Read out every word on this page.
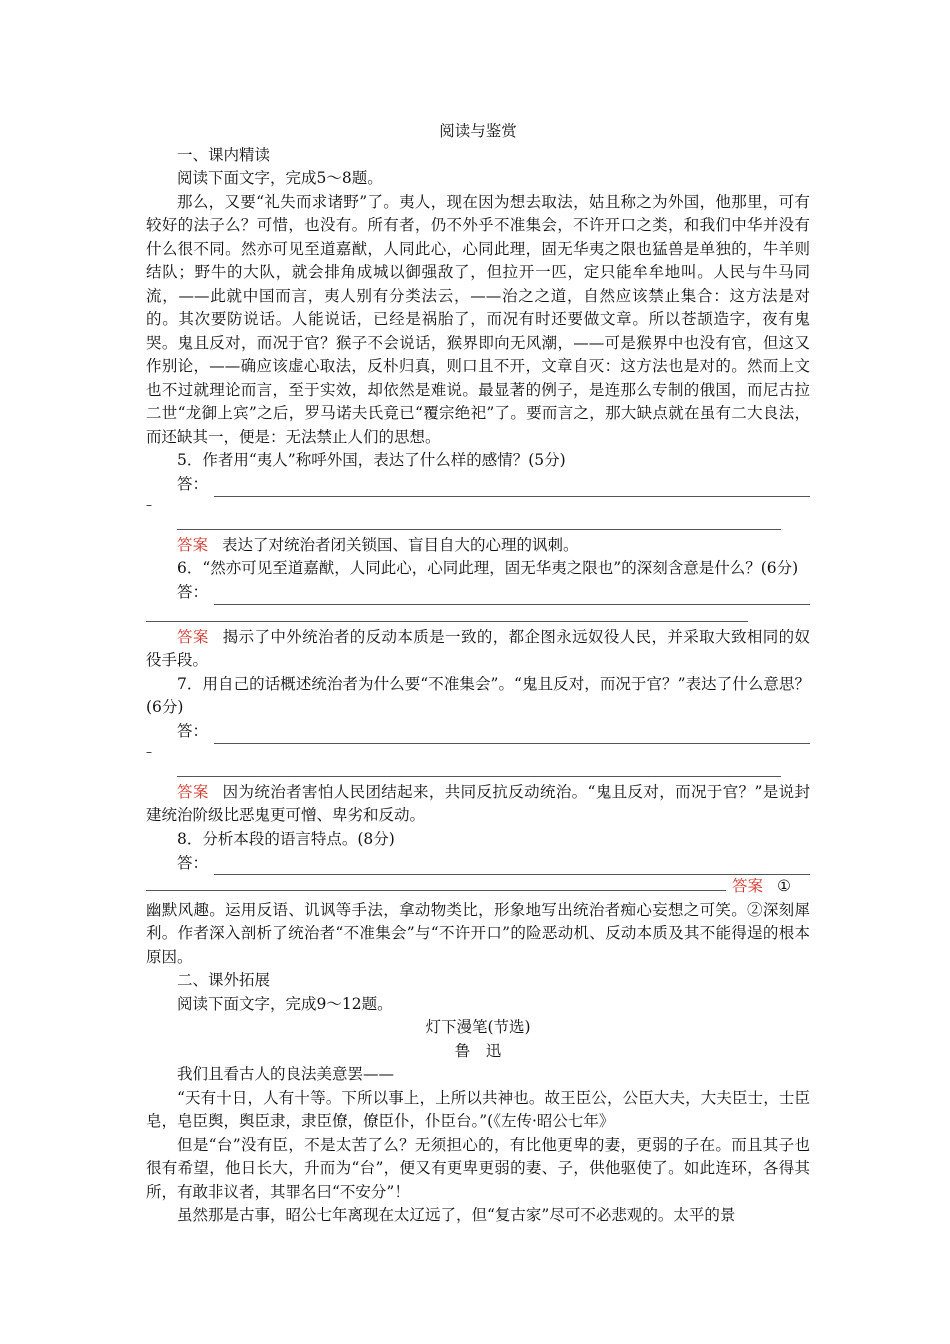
阅读与鉴赏

一、课内精读

阅读下面文字，完成5～8题。

那么，又要“礼失而求诸野”了。夷人，现在因为想去取法，姑且称之为外国，他那里，可有较好的法子么？可惜，也没有。所有者，仍不外乎不准集会，不许开口之类，和我们中华并没有什么很不同。然亦可见至道嘉猷，人同此心，心同此理，固无华夷之限也猛兽是单独的，牛羊则结队；野牛的大队，就会排角成城以御强敌了，但拉开一匹，定只能牟牟地叫。人民与牛马同流，——此就中国而言，夷人别有分类法云，——治之之道，自然应该禁止集合：这方法是对的。其次要防说话。人能说话，已经是祸胎了，而况有时还要做文章。所以苍颉造字，夜有鬼哭。鬼且反对，而况于官？猴子不会说话，猴界即向无风潮，——可是猴界中也没有官，但这又作别论，——确应该虚心取法，反朴归真，则口且不开，文章自灭：这方法也是对的。然而上文也不过就理论而言，至于实效，却依然是难说。最显著的例子，是连那么专制的俄国，而尼古拉二世“龙御上宾”之后，罗马诺夫氏竟已“覆宗绝祀”了。要而言之，那大缺点就在虽有二大良法，而还缺其一，便是：无法禁止人们的思想。

5．作者用“夷人”称呼外国，表达了什么样的感情？(5分)

答：
–

答案 表达了对统治者闭关锁国、盲目自大的心理的讽刺。

6．“然亦可见至道嘉猷，人同此心，心同此理，固无华夷之限也”的深刻含意是什么？(6分)

答：

答案 揭示了中外统治者的反动本质是一致的，都企图永远奴役人民，并采取大致相同的奴役手段。

7．用自己的话概述统治者为什么要“不准集会”。“鬼且反对，而况于官？”表达了什么意思？(6分)

答：
–

答案 因为统治者害怕人民团结起来，共同反抗反动统治。“鬼且反对，而况于官？”是说封建统治阶级比恶鬼更可憎、卑劣和反动。

8．分析本段的语言特点。(8分)

答：

答案 ①

幽默风趣。运用反语、讥讽等手法，拿动物类比，形象地写出统治者痴心妄想之可笑。②深刻犀利。作者深入剖析了统治者“不准集会”与“不许开口”的险恶动机、反动本质及其不能得逞的根本原因。

二、课外拓展

阅读下面文字，完成9～12题。

灯下漫笔(节选)
鲁　迅

我们且看古人的良法美意罢——

“天有十日，人有十等。下所以事上，上所以共神也。故王臣公，公臣大夫，大夫臣士，士臣皂，皂臣舆，舆臣隶，隶臣僚，僚臣仆，仆臣台。”(《左传·昭公七年》

但是“台”没有臣，不是太苦了么？无须担心的，有比他更卑的妻，更弱的子在。而且其子也很有希望，他日长大，升而为“台”，便又有更卑更弱的妻、子，供他驱使了。如此连环，各得其所，有敢非议者，其罪名曰“不安分”！

虽然那是古事，昭公七年离现在太辽远了，但“复古家”尽可不必悲观的。太平的景
